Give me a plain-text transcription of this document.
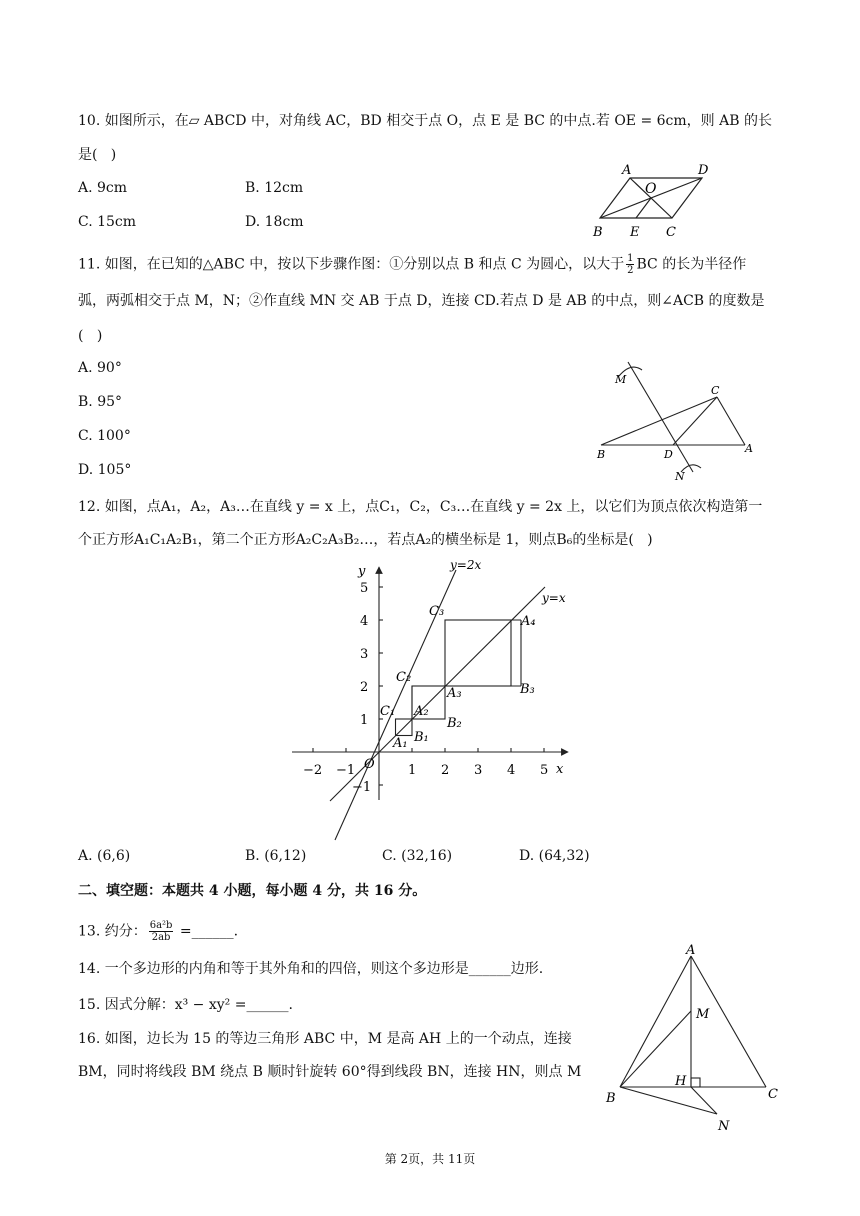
10. 如图所示，在▱ ABCD 中，对角线 AC，BD 相交于点 O，点 E 是 BC 的中点.若 OE = 6cm，则 AB 的长
是(   )
A. 9cm	B. 12cm
C. 15cm	D. 18cm
A	D
O
B E C
11. 如图，在已知的△ABC 中，按以下步骤作图：①分别以点 B 和点 C 为圆心，以大于 $\frac{1}{2}$ BC 的长为半径作
弧，两弧相交于点 M，N；②作直线 MN 交 AB 于点 D，连接 CD.若点 D 是 AB 的中点，则∠ACB 的度数是
(   )
A. 90°
B. 95°
C. 100°
D. 105°
M
C
B	D	A
N
12. 如图，点A₁，A₂，A₃…在直线 y = x 上，点C₁，C₂，C₃…在直线 y = 2x 上，以它们为顶点依次构造第一
个正方形A₁C₁A₂B₁，第二个正方形A₂C₂A₃B₂…，若点A₂的横坐标是 1，则点B₆的坐标是(   )
y=2x
y=x
x
y
O
−2 −1	1 2 3 4 5
5
4
3
2
1
−1
C₃
A₄
C₂
A₃	B₃
C₁ A₂
B₂
A₁ B₁
A. (6,6)	B. (6,12)	C. (32,16)	D. (64,32)
二、填空题：本题共 4 小题，每小题 4 分，共 16 分。
13. 约分： $\frac{\text{6a²b}}{2ab}$ =______.
14. 一个多边形的内角和等于其外角和的四倍，则这个多边形是______边形.
15. 因式分解：x³ − xy² =______.
16. 如图，边长为 15 的等边三角形 ABC 中，M 是高 AH 上的一个动点，连接
BM，同时将线段 BM 绕点 B 顺时针旋转 60°得到线段 BN，连接 HN，则点 M
A
M
H
B	C
N
第 2页，共 11页
